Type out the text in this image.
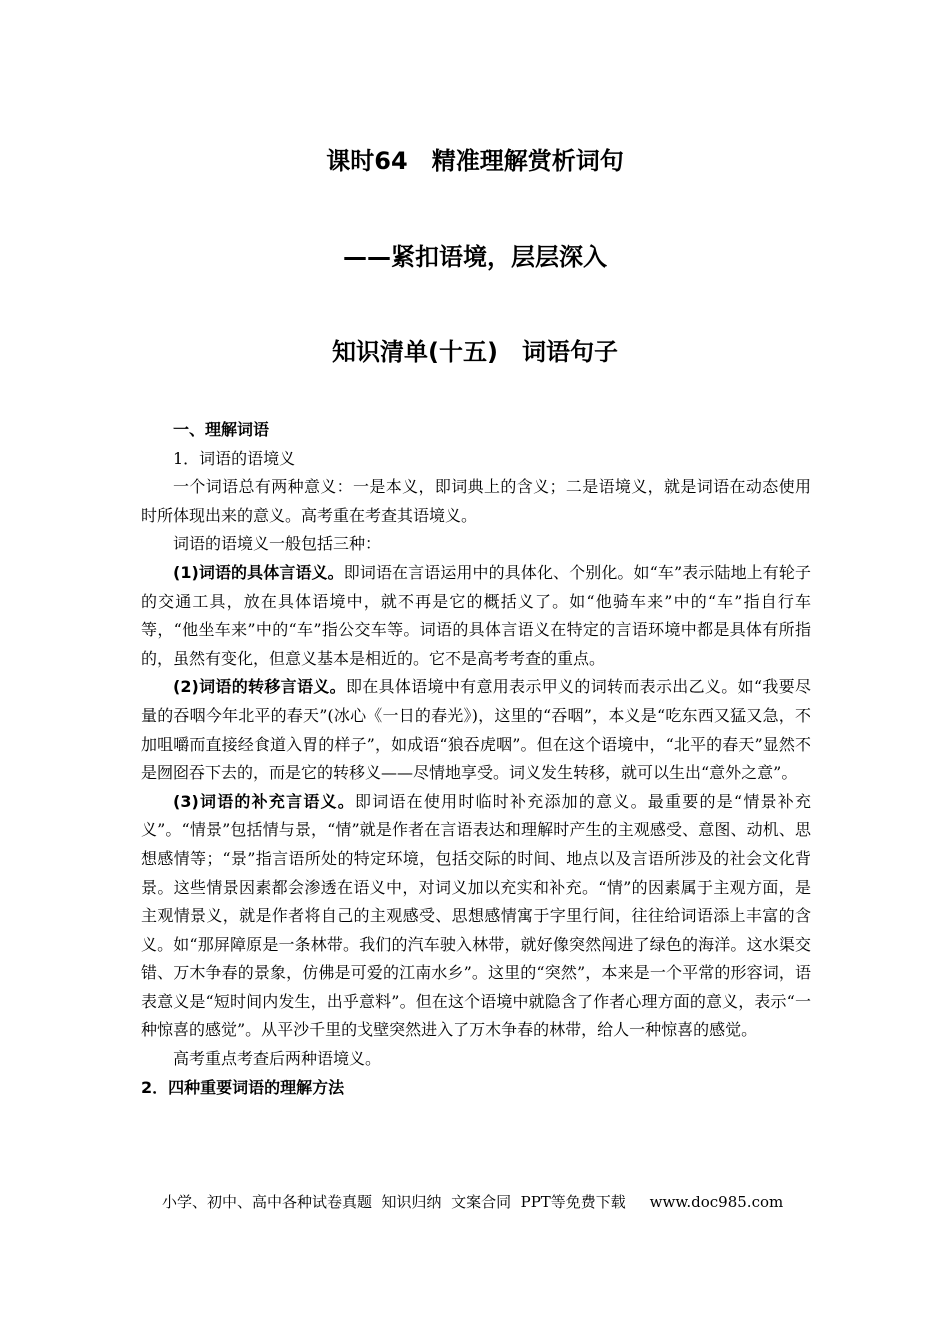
课时64 精准理解赏析词句
——紧扣语境，层层深入
知识清单(十五) 词语句子

一、理解词语

1．词语的语境义

一个词语总有两种意义：一是本义，即词典上的含义；二是语境义，就是词语在动态使用时所体现出来的意义。高考重在考查其语境义。

词语的语境义一般包括三种：

(1)词语的具体言语义。即词语在言语运用中的具体化、个别化。如“车”表示陆地上有轮子的交通工具，放在具体语境中，就不再是它的概括义了。如“他骑车来”中的“车”指自行车等，“他坐车来”中的“车”指公交车等。词语的具体言语义在特定的言语环境中都是具体有所指的，虽然有变化，但意义基本是相近的。它不是高考考查的重点。

(2)词语的转移言语义。即在具体语境中有意用表示甲义的词转而表示出乙义。如“我要尽量的吞咽今年北平的春天”(冰心《一日的春光》)，这里的“吞咽”，本义是“吃东西又猛又急，不加咀嚼而直接经食道入胃的样子”，如成语“狼吞虎咽”。但在这个语境中，“北平的春天”显然不是囫囵吞下去的，而是它的转移义——尽情地享受。词义发生转移，就可以生出“意外之意”。

(3)词语的补充言语义。即词语在使用时临时补充添加的意义。最重要的是“情景补充义”。“情景”包括情与景，“情”就是作者在言语表达和理解时产生的主观感受、意图、动机、思想感情等；“景”指言语所处的特定环境，包括交际的时间、地点以及言语所涉及的社会文化背景。这些情景因素都会渗透在语义中，对词义加以充实和补充。“情”的因素属于主观方面，是主观情景义，就是作者将自己的主观感受、思想感情寓于字里行间，往往给词语添上丰富的含义。如“那屏障原是一条林带。我们的汽车驶入林带，就好像突然闯进了绿色的海洋。这水渠交错、万木争春的景象，仿佛是可爱的江南水乡”。这里的“突然”，本来是一个平常的形容词，语表意义是“短时间内发生，出乎意料”。但在这个语境中就隐含了作者心理方面的意义，表示“一种惊喜的感觉”。从平沙千里的戈壁突然进入了万木争春的林带，给人一种惊喜的感觉。

高考重点考查后两种语境义。

2．四种重要词语的理解方法

小学、初中、高中各种试卷真题  知识归纳  文案合同  PPT等免费下载     www.doc985.com
